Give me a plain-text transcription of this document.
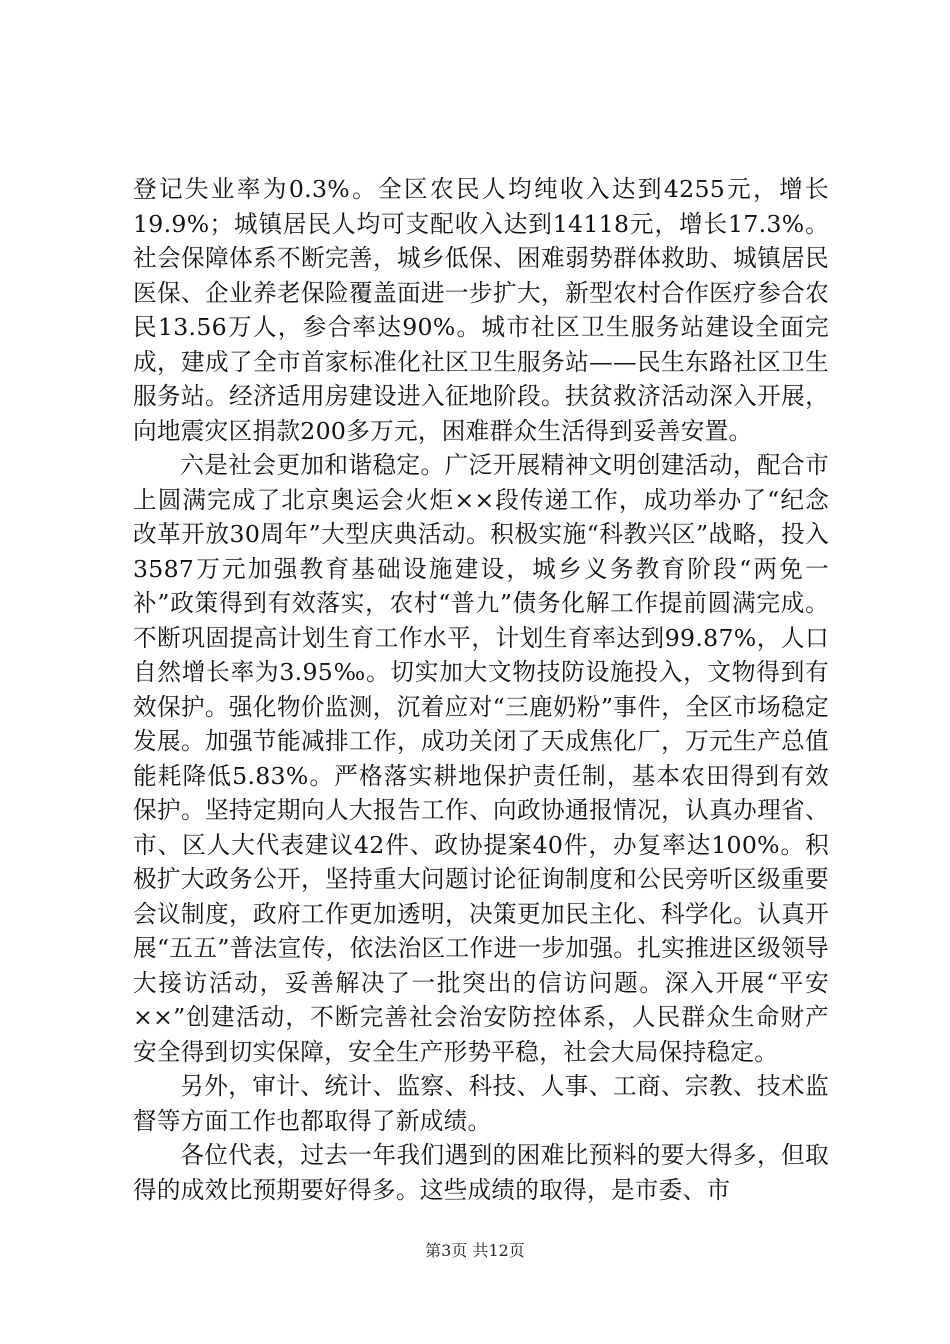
登记失业率为0.3%。全区农民人均纯收入达到4255元，增长19.9%；城镇居民人均可支配收入达到14118元，增长17.3%。社会保障体系不断完善，城乡低保、困难弱势群体救助、城镇居民医保、企业养老保险覆盖面进一步扩大，新型农村合作医疗参合农民13.56万人，参合率达90%。城市社区卫生服务站建设全面完成，建成了全市首家标准化社区卫生服务站——民生东路社区卫生服务站。经济适用房建设进入征地阶段。扶贫救济活动深入开展，向地震灾区捐款200多万元，困难群众生活得到妥善安置。

六是社会更加和谐稳定。广泛开展精神文明创建活动，配合市上圆满完成了北京奥运会火炬××段传递工作，成功举办了“纪念改革开放30周年”大型庆典活动。积极实施“科教兴区”战略，投入3587万元加强教育基础设施建设，城乡义务教育阶段“两免一补”政策得到有效落实，农村“普九”债务化解工作提前圆满完成。不断巩固提高计划生育工作水平，计划生育率达到99.87%，人口自然增长率为3.95‰。切实加大文物技防设施投入，文物得到有效保护。强化物价监测，沉着应对“三鹿奶粉”事件，全区市场稳定发展。加强节能减排工作，成功关闭了天成焦化厂，万元生产总值能耗降低5.83%。严格落实耕地保护责任制，基本农田得到有效保护。坚持定期向人大报告工作、向政协通报情况，认真办理省、市、区人大代表建议42件、政协提案40件，办复率达100%。积极扩大政务公开，坚持重大问题讨论征询制度和公民旁听区级重要会议制度，政府工作更加透明，决策更加民主化、科学化。认真开展“五五”普法宣传，依法治区工作进一步加强。扎实推进区级领导大接访活动，妥善解决了一批突出的信访问题。深入开展“平安××”创建活动，不断完善社会治安防控体系，人民群众生命财产安全得到切实保障，安全生产形势平稳，社会大局保持稳定。

另外，审计、统计、监察、科技、人事、工商、宗教、技术监督等方面工作也都取得了新成绩。

各位代表，过去一年我们遇到的困难比预料的要大得多，但取得的成效比预期要好得多。这些成绩的取得，是市委、市

第3页 共12页
